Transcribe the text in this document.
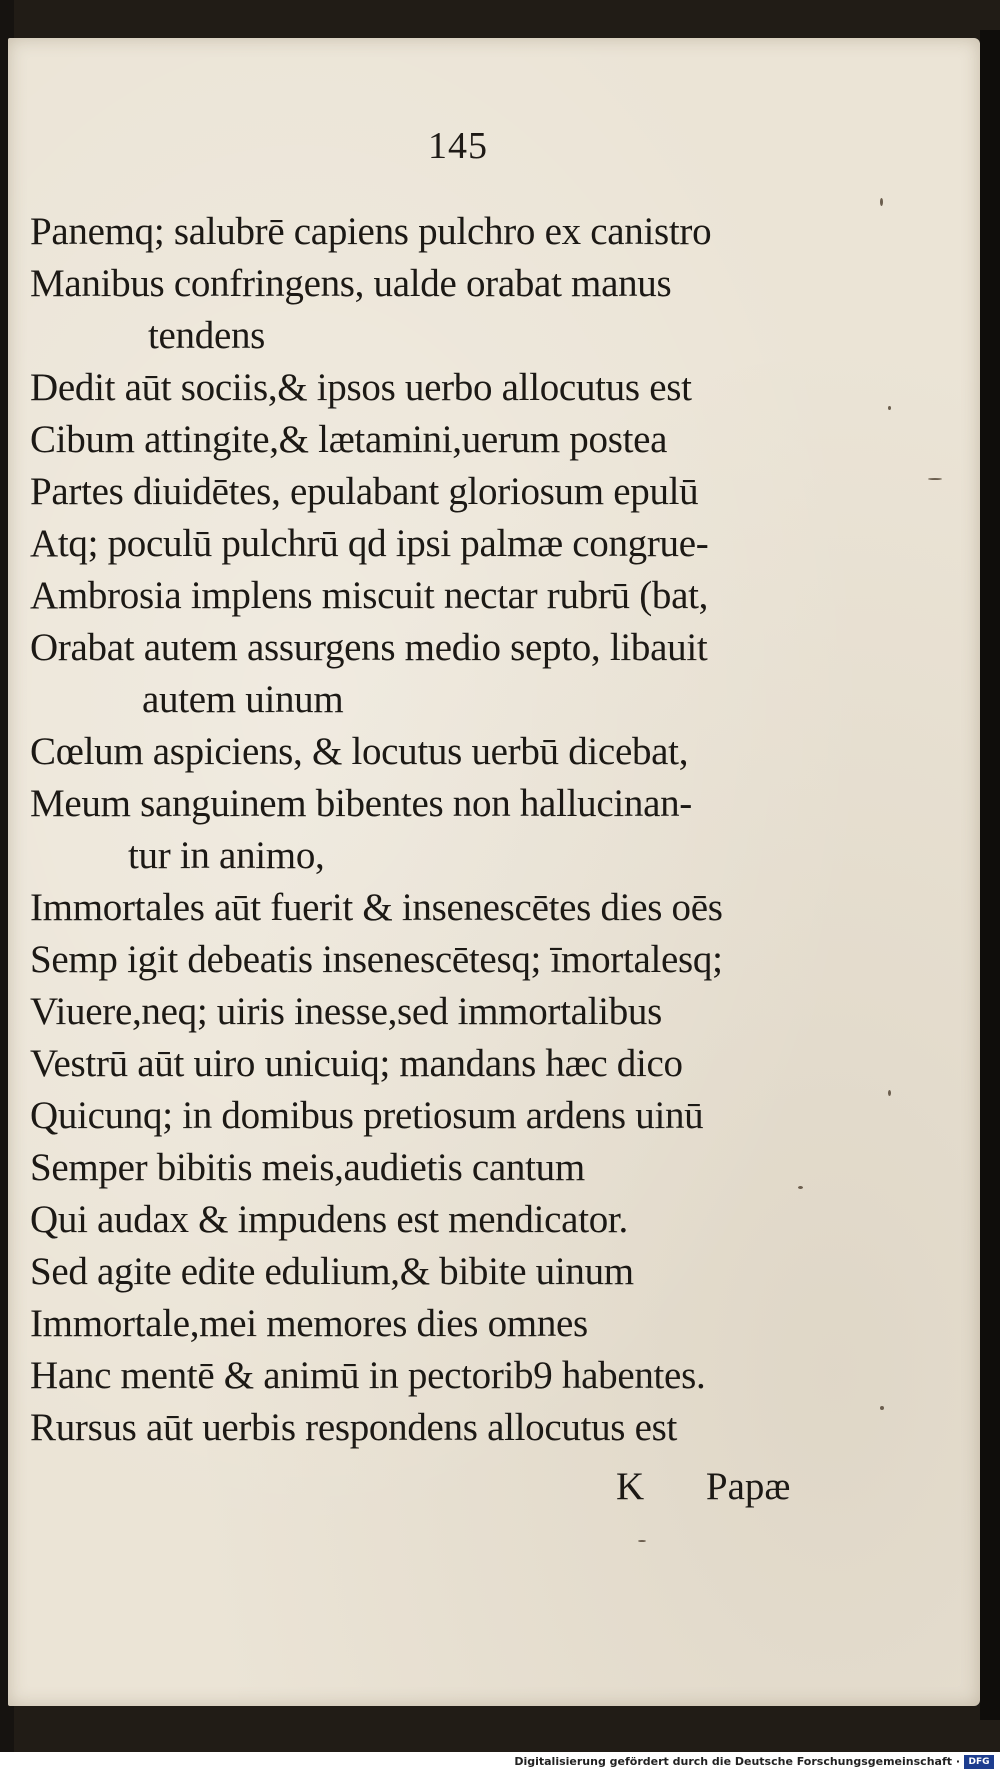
145
Panemq; salubrē capiens pulchro ex canistro
Manibus confringens, ualde orabat manus
tendens
Dedit aūt sociis,& ipsos uerbo allocutus est
Cibum attingite,& lætamini,uerum postea
Partes diuidētes, epulabant gloriosum epulū
Atq; poculū pulchrū qd ipsi palmæ congrue-
Ambrosia implens miscuit nectar rubrū (bat,
Orabat autem assurgens medio septo, libauit
autem uinum
Cœlum aspiciens, & locutus uerbū dicebat,
Meum sanguinem bibentes non hallucinan-
tur in animo,
Immortales aūt fuerit & insenescētes dies oēs
Semp igit debeatis insenescētesq; īmortalesq;
Viuere,neq; uiris inesse,sed immortalibus
Vestrū aūt uiro unicuiq; mandans hæc dico
Quicunq; in domibus pretiosum ardens uinū
Semper bibitis meis,audietis cantum
Qui audax & impudens est mendicator.
Sed agite edite edulium,& bibite uinum
Immortale,mei memores dies omnes
Hanc mentē & animū in pectorib9 habentes.
Rursus aūt uerbis respondens allocutus est
K Papæ
Digitalisierung gefördert durch die Deutsche Forschungsgemeinschaft · DFG
